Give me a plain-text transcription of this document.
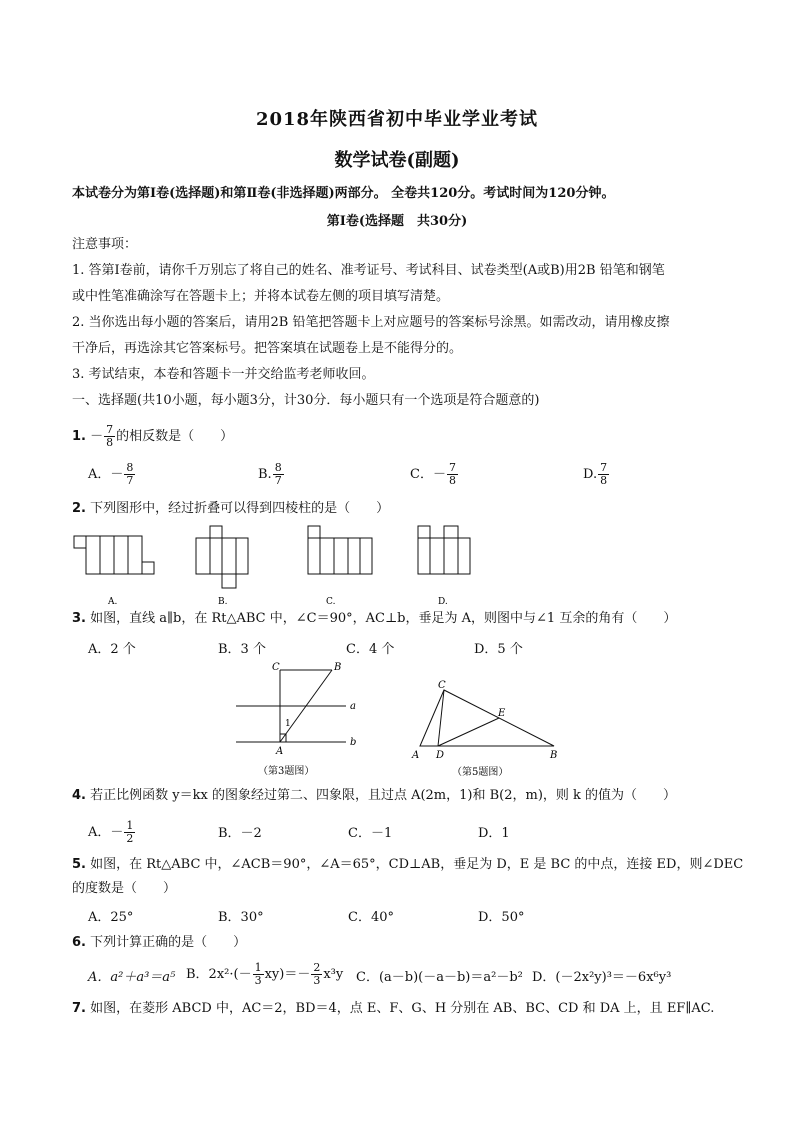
2018年陕西省初中毕业学业考试
数学试卷(副题)
本试卷分为第Ⅰ卷(选择题)和第Ⅱ卷(非选择题)两部分。 全卷共120分。考试时间为120分钟。
第Ⅰ卷(选择题　共30分)
注意事项：
1. 答第Ⅰ卷前，请你千万别忘了将自己的姓名、准考证号、考试科目、试卷类型(A或B)用2B 铅笔和钢笔
或中性笔准确涂写在答题卡上；并将本试卷左侧的项目填写清楚。
2. 当你选出每小题的答案后，请用2B 铅笔把答题卡上对应题号的答案标号涂黑。如需改动，请用橡皮擦
干净后，再选涂其它答案标号。把答案填在试题卷上是不能得分的。
3. 考试结束，本卷和答题卡一并交给监考老师收回。
一、选择题(共10小题，每小题3分，计30分．每小题只有一个选项是符合题意的)
1. － $\frac{7}{8}$ 的相反数是（　　）
A．－ $\frac{8}{7}$	B. $\frac{8}{7}$	C．－ $\frac{7}{8}$	D. $\frac{7}{8}$
2. 下列图形中，经过折叠可以得到四棱柱的是（　　）
A.	B.	C.	D.
3. 如图，直线 a∥b，在 Rt△ABC 中，∠C＝90°，AC⊥b，垂足为 A，则图中与∠1 互余的角有（　　）
A．2 个	B．3 个	C．4 个	D．5 个
C	B
A
a
b
1
（第3题图）
C
E
A D	B
（第5题图）
4. 若正比例函数 y＝kx 的图象经过第二、四象限，且过点 A(2m，1)和 B(2，m)，则 k 的值为（　　）
A．－ $\frac{1}{2}$	B．－2	C．－1	D．1
5. 如图，在 Rt△ABC 中，∠ACB＝90°，∠A＝65°，CD⊥AB，垂足为 D，E 是 BC 的中点，连接 ED，则∠DEC
的度数是（　　）
A．25°	B．30°	C．40°	D．50°
6. 下列计算正确的是（　　）
A．a²＋a³＝a⁵ B．$2x^2\cdot(- \frac{1}{3} xy)=- \frac{2}{3} x^3y$ C．(a－b)(－a－b)＝a²－b² D．(－2x²y)³＝－6x⁶y³
7. 如图，在菱形 ABCD 中，AC＝2，BD＝4，点 E、F、G、H 分别在 AB、BC、CD 和 DA 上，且 EF∥AC.
